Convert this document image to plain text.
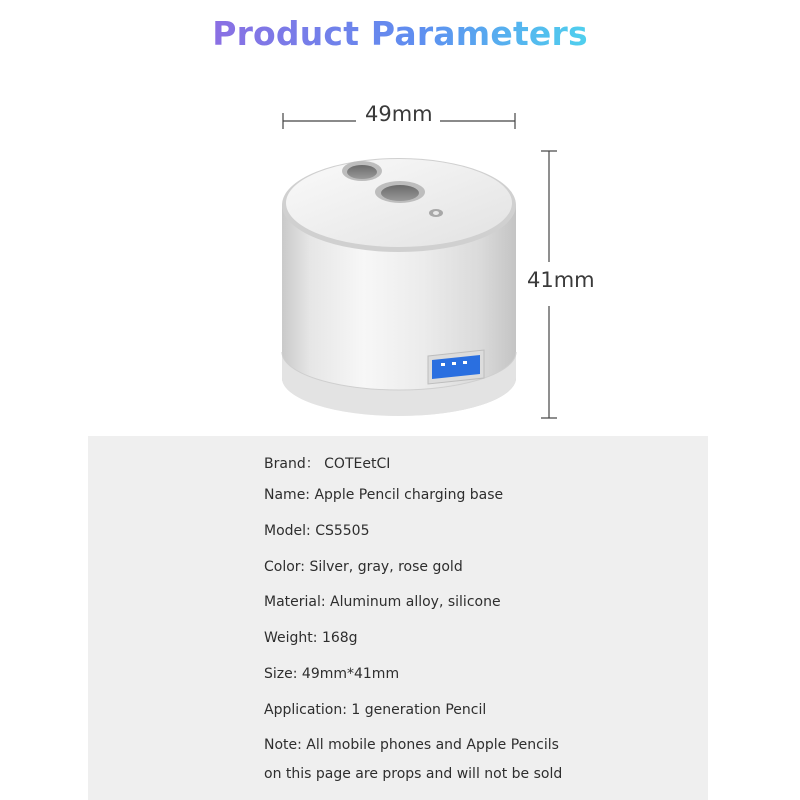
Product Parameters
49mm
41mm
Brand： COTEetCI
Name: Apple Pencil charging base
Model: CS5505
Color: Silver, gray, rose gold
Material: Aluminum alloy, silicone
Weight: 168g
Size: 49mm*41mm
Application: 1 generation Pencil
Note: All mobile phones and Apple Pencils
on this page are props and will not be sold
